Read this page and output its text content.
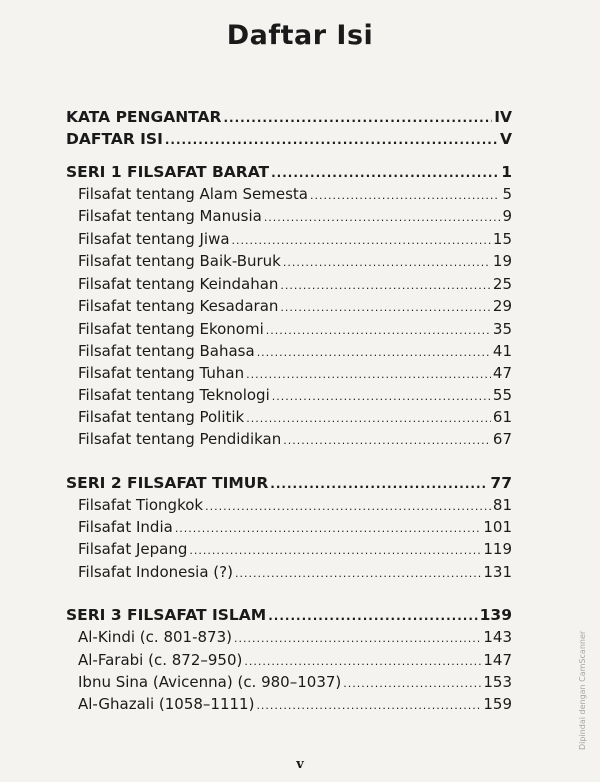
Daftar Isi
KATA PENGANTAR .....	IV
DAFTAR ISI .....	V
SERI 1 FILSAFAT BARAT .....	1
Filsafat tentang Alam Semesta .....	5
Filsafat tentang Manusia .....	9
Filsafat tentang Jiwa .....	15
Filsafat tentang Baik-Buruk .....	19
Filsafat tentang Keindahan .....	25
Filsafat tentang Kesadaran .....	29
Filsafat tentang Ekonomi .....	35
Filsafat tentang Bahasa .....	41
Filsafat tentang Tuhan .....	47
Filsafat tentang Teknologi .....	55
Filsafat tentang Politik .....	61
Filsafat tentang Pendidikan .....	67
SERI 2 FILSAFAT TIMUR .....	77
Filsafat Tiongkok .....	81
Filsafat India .....	101
Filsafat Jepang .....	119
Filsafat Indonesia (?) .....	131
SERI 3 FILSAFAT ISLAM .....	139
Al-Kindi (c. 801-873) .....	143
Al-Farabi (c. 872–950) .....	147
Ibnu Sina (Avicenna) (c. 980–1037) .....	153
Al-Ghazali (1058–1111) .....	159
v
Dipindai dengan CamScanner
